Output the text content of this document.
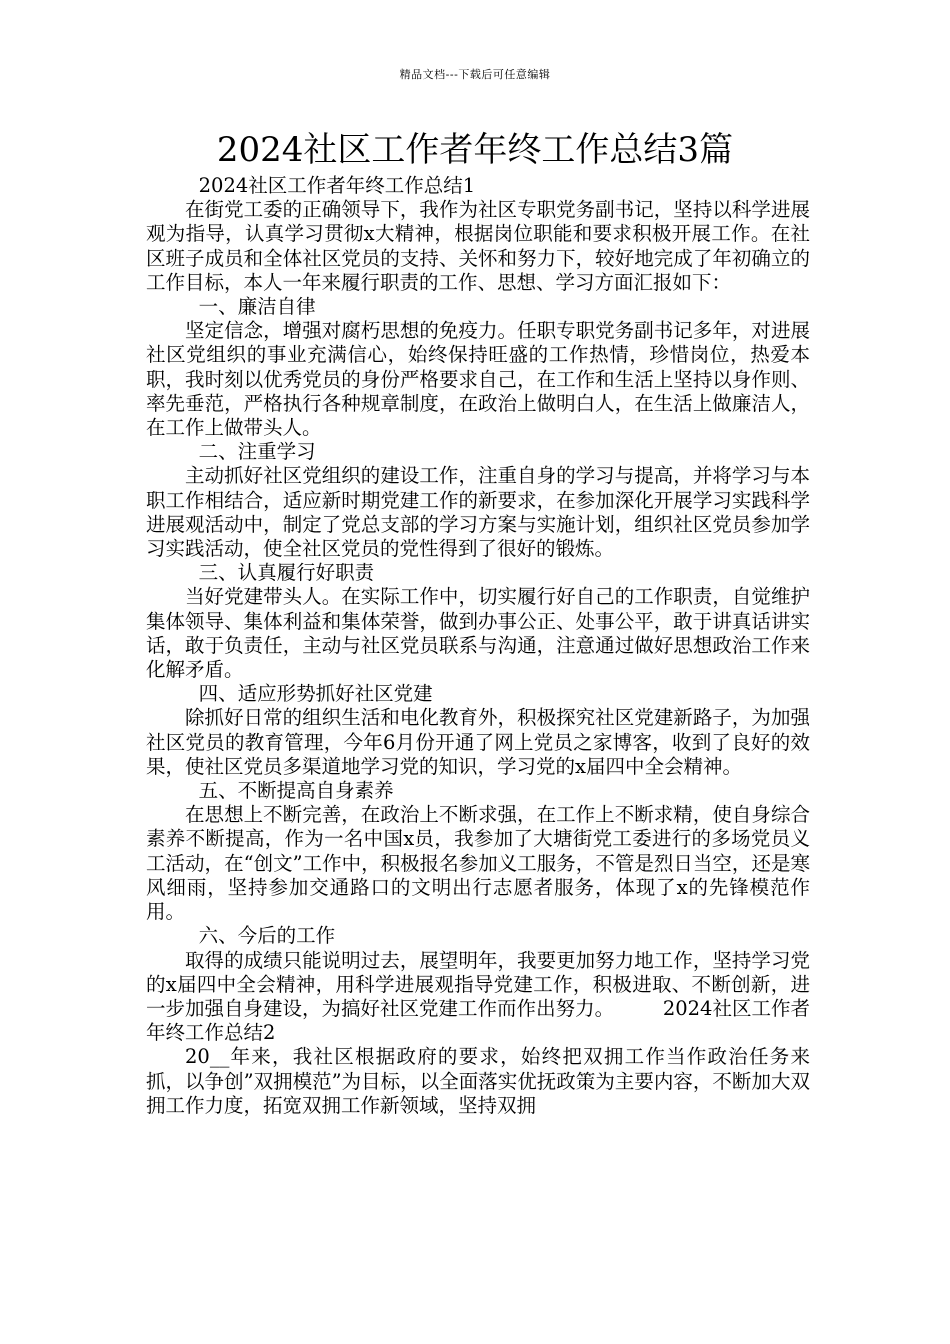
精品文档---下载后可任意编辑
2024社区工作者年终工作总结3篇

2024社区工作者年终工作总结1

在街党工委的正确领导下，我作为社区专职党务副书记，坚持以科学进展观为指导，认真学习贯彻x大精神，根据岗位职能和要求积极开展工作。在社区班子成员和全体社区党员的支持、关怀和努力下，较好地完成了年初确立的工作目标，本人一年来履行职责的工作、思想、学习方面汇报如下：

一、廉洁自律

坚定信念，增强对腐朽思想的免疫力。任职专职党务副书记多年，对进展社区党组织的事业充满信心，始终保持旺盛的工作热情，珍惜岗位，热爱本职，我时刻以优秀党员的身份严格要求自己，在工作和生活上坚持以身作则、率先垂范，严格执行各种规章制度，在政治上做明白人，在生活上做廉洁人，在工作上做带头人。

二、注重学习

主动抓好社区党组织的建设工作，注重自身的学习与提高，并将学习与本职工作相结合，适应新时期党建工作的新要求，在参加深化开展学习实践科学进展观活动中，制定了党总支部的学习方案与实施计划，组织社区党员参加学习实践活动，使全社区党员的党性得到了很好的锻炼。

三、认真履行好职责

当好党建带头人。在实际工作中，切实履行好自己的工作职责，自觉维护集体领导、集体利益和集体荣誉，做到办事公正、处事公平，敢于讲真话讲实话，敢于负责任，主动与社区党员联系与沟通，注意通过做好思想政治工作来化解矛盾。

四、适应形势抓好社区党建

除抓好日常的组织生活和电化教育外，积极探究社区党建新路子，为加强社区党员的教育管理，今年6月份开通了网上党员之家博客，收到了良好的效果，使社区党员多渠道地学习党的知识，学习党的x届四中全会精神。

五、不断提高自身素养

在思想上不断完善，在政治上不断求强，在工作上不断求精，使自身综合素养不断提高，作为一名中国x员，我参加了大塘街党工委进行的多场党员义工活动，在“创文”工作中，积极报名参加义工服务，不管是烈日当空，还是寒风细雨，坚持参加交通路口的文明出行志愿者服务，体现了x的先锋模范作用。

六、今后的工作

取得的成绩只能说明过去，展望明年，我要更加努力地工作，坚持学习党的x届四中全会精神，用科学进展观指导党建工作，积极进取、不断创新，进一步加强自身建设，为搞好社区党建工作而作出努力。	2024社区工作者年终工作总结2

20__年来，我社区根据政府的要求，始终把双拥工作当作政治任务来抓，以争创”双拥模范”为目标，以全面落实优抚政策为主要内容，不断加大双拥工作力度，拓宽双拥工作新领域，坚持双拥
